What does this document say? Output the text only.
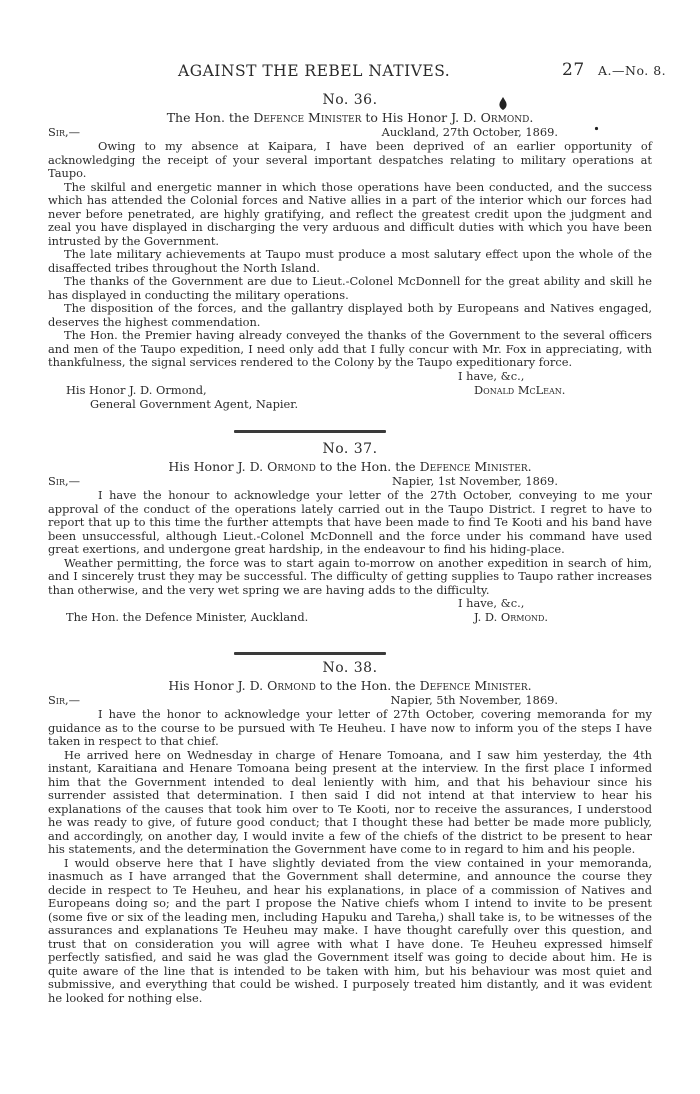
AGAINST THE REBEL NATIVES.	27 A.—No. 8.
No. 36.
The Hon. the Defence Minister to His Honor J. D. Ormond.
Sir,—	Auckland, 27th October, 1869.

Owing to my absence at Kaipara, I have been deprived of an earlier opportunity of acknowledging the receipt of your several important despatches relating to military operations at Taupo.

The skilful and energetic manner in which those operations have been conducted, and the success which has attended the Colonial forces and Native allies in a part of the interior which our forces had never before penetrated, are highly gratifying, and reflect the greatest credit upon the judgment and zeal you have displayed in discharging the very arduous and difficult duties with which you have been intrusted by the Government.

The late military achievements at Taupo must produce a most salutary effect upon the whole of the disaffected tribes throughout the North Island.

The thanks of the Government are due to Lieut.-Colonel McDonnell for the great ability and skill he has displayed in conducting the military operations.

The disposition of the forces, and the gallantry displayed both by Europeans and Natives engaged, deserves the highest commendation.

The Hon. the Premier having already conveyed the thanks of the Government to the several officers and men of the Taupo expedition, I need only add that I fully concur with Mr. Fox in appreciating, with thankfulness, the signal services rendered to the Colony by the Taupo expeditionary force.

I have, &c.,
His Honor J. D. Ormond,	Donald McLean.
General Government Agent, Napier.
No. 37.
His Honor J. D. Ormond to the Hon. the Defence Minister.
Sir,—	Napier, 1st November, 1869.

I have the honour to acknowledge your letter of the 27th October, conveying to me your approval of the conduct of the operations lately carried out in the Taupo District. I regret to have to report that up to this time the further attempts that have been made to find Te Kooti and his band have been unsuccessful, although Lieut.-Colonel McDonnell and the force under his command have used great exertions, and undergone great hardship, in the endeavour to find his hiding-place.

Weather permitting, the force was to start again to-morrow on another expedition in search of him, and I sincerely trust they may be successful. The difficulty of getting supplies to Taupo rather increases than otherwise, and the very wet spring we are having adds to the difficulty.

I have, &c.,
The Hon. the Defence Minister, Auckland.	J. D. Ormond.
No. 38.
His Honor J. D. Ormond to the Hon. the Defence Minister.
Sir,—	Napier, 5th November, 1869.

I have the honor to acknowledge your letter of 27th October, covering memoranda for my guidance as to the course to be pursued with Te Heuheu. I have now to inform you of the steps I have taken in respect to that chief.

He arrived here on Wednesday in charge of Henare Tomoana, and I saw him yesterday, the 4th instant, Karaitiana and Henare Tomoana being present at the interview. In the first place I informed him that the Government intended to deal leniently with him, and that his behaviour since his surrender assisted that determination. I then said I did not intend at that interview to hear his explanations of the causes that took him over to Te Kooti, nor to receive the assurances, I understood he was ready to give, of future good conduct; that I thought these had better be made more publicly, and accordingly, on another day, I would invite a few of the chiefs of the district to be present to hear his statements, and the determination the Government have come to in regard to him and his people.

I would observe here that I have slightly deviated from the view contained in your memoranda, inasmuch as I have arranged that the Government shall determine, and announce the course they decide in respect to Te Heuheu, and hear his explanations, in place of a commission of Natives and Europeans doing so; and the part I propose the Native chiefs whom I intend to invite to be present (some five or six of the leading men, including Hapuku and Tareha,) shall take is, to be witnesses of the assurances and explanations Te Heuheu may make. I have thought carefully over this question, and trust that on consideration you will agree with what I have done. Te Heuheu expressed himself perfectly satisfied, and said he was glad the Government itself was going to decide about him. He is quite aware of the line that is intended to be taken with him, but his behaviour was most quiet and submissive, and everything that could be wished. I purposely treated him distantly, and it was evident he looked for nothing else.
